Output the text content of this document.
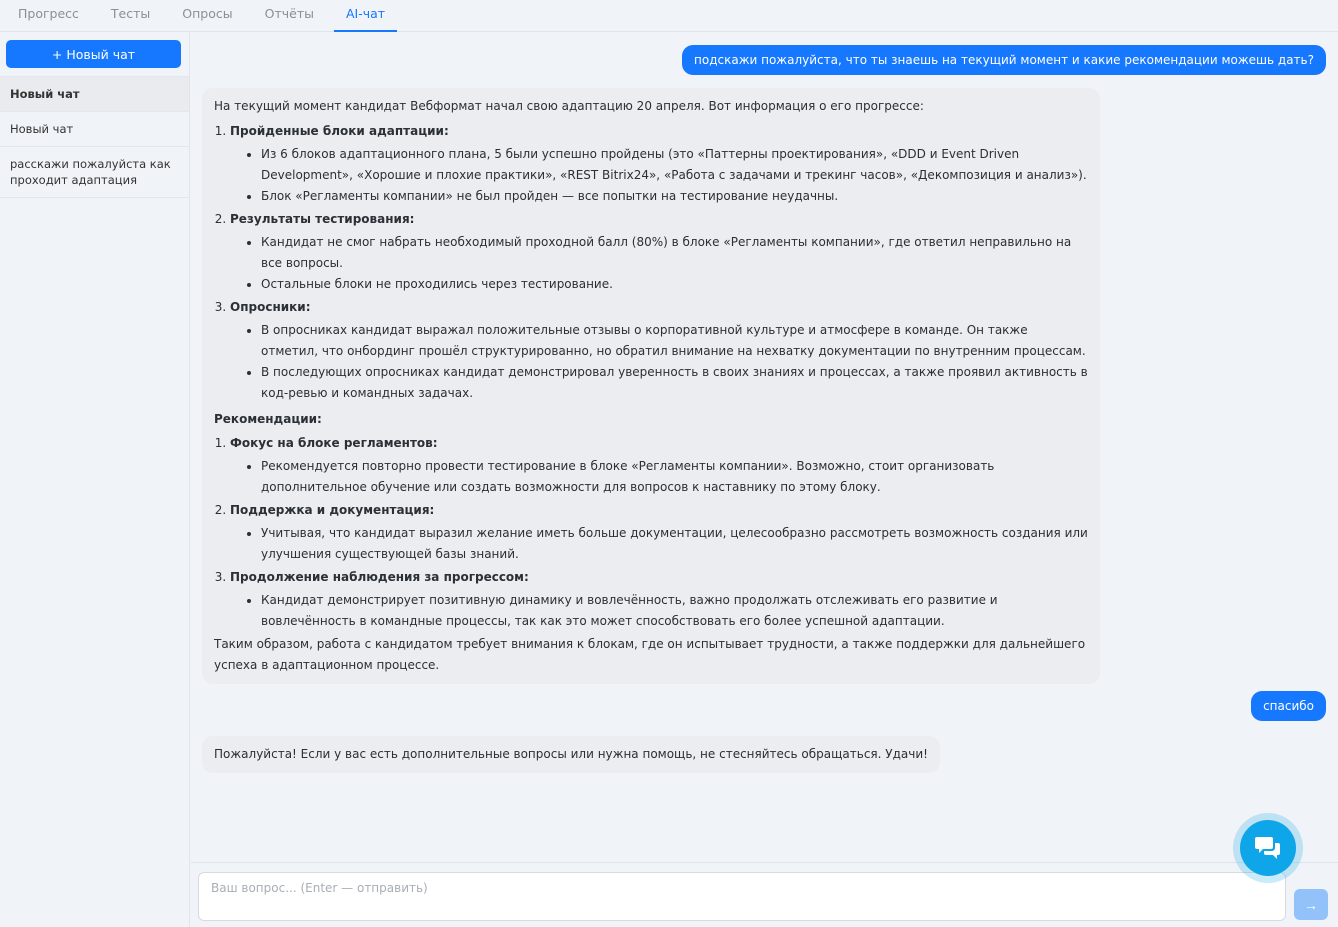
Прогресс	Тесты	Опросы	Отчёты	AI-чат
+ Новый чат
Новый чат
Новый чат
расскажи пожалуйста как проходит адаптация
подскажи пожалуйста, что ты знаешь на текущий момент и какие рекомендации можешь дать?

На текущий момент кандидат Вебформат начал свою адаптацию 20 апреля. Вот информация о его прогрессе:

1. Пройденные блоки адаптации:
• Из 6 блоков адаптационного плана, 5 были успешно пройдены (это «Паттерны проектирования», «DDD и Event Driven Development», «Хорошие и плохие практики», «REST Bitrix24», «Работа с задачами и трекинг часов», «Декомпозиция и анализ»).
• Блок «Регламенты компании» не был пройден — все попытки на тестирование неудачны.
2. Результаты тестирования:
• Кандидат не смог набрать необходимый проходной балл (80%) в блоке «Регламенты компании», где ответил неправильно на все вопросы.
• Остальные блоки не проходились через тестирование.
3. Опросники:
• В опросниках кандидат выражал положительные отзывы о корпоративной культуре и атмосфере в команде. Он также отметил, что онбординг прошёл структурированно, но обратил внимание на нехватку документации по внутренним процессам.
• В последующих опросниках кандидат демонстрировал уверенность в своих знаниях и процессах, а также проявил активность в код-ревью и командных задачах.
Рекомендации:
1. Фокус на блоке регламентов:
• Рекомендуется повторно провести тестирование в блоке «Регламенты компании». Возможно, стоит организовать дополнительное обучение или создать возможности для вопросов к наставнику по этому блоку.
2. Поддержка и документация:
• Учитывая, что кандидат выразил желание иметь больше документации, целесообразно рассмотреть возможность создания или улучшения существующей базы знаний.
3. Продолжение наблюдения за прогрессом:
• Кандидат демонстрирует позитивную динамику и вовлечённость, важно продолжать отслеживать его развитие и вовлечённость в командные процессы, так как это может способствовать его более успешной адаптации.

Таким образом, работа с кандидатом требует внимания к блокам, где он испытывает трудности, а также поддержки для дальнейшего успеха в адаптационном процессе.

спасибо
Пожалуйста! Если у вас есть дополнительные вопросы или нужна помощь, не стесняйтесь обращаться. Удачи!
Ваш вопрос... (Enter — отправить)
→
